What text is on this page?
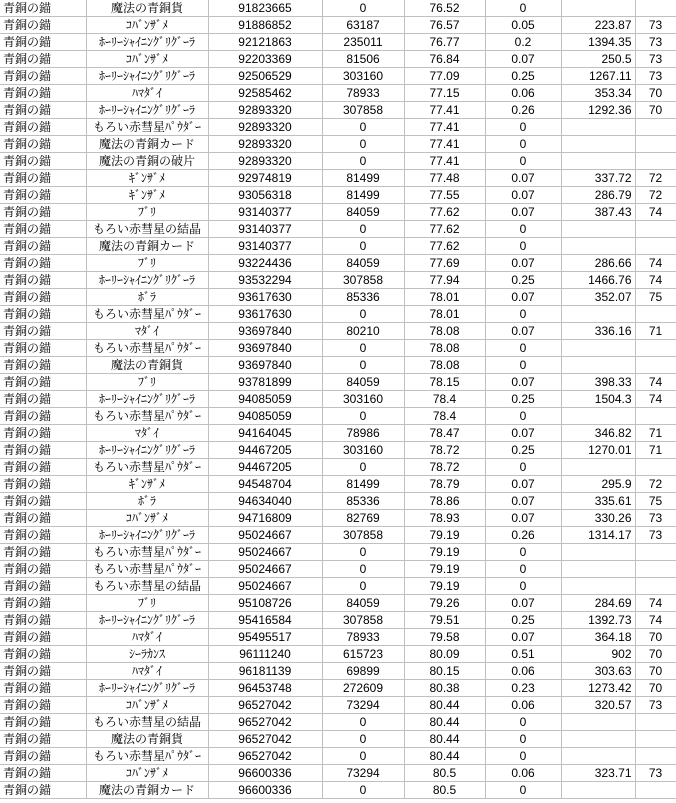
青銅の錨	魔法の青銅貨	91823665	0	76.52	0		
青銅の錨	ｺﾊﾞﾝｻﾞﾒ	91886852	63187	76.57	0.05	223.87	73
青銅の錨	ﾎｰﾘｰｼｬｲﾆﾝｸﾞﾘｸﾞｰﾗ	92121863	235011	76.77	0.2	1394.35	73
青銅の錨	ｺﾊﾞﾝｻﾞﾒ	92203369	81506	76.84	0.07	250.5	73
青銅の錨	ﾎｰﾘｰｼｬｲﾆﾝｸﾞﾘｸﾞｰﾗ	92506529	303160	77.09	0.25	1267.11	73
青銅の錨	ﾊﾏﾀﾞｲ	92585462	78933	77.15	0.06	353.34	70
青銅の錨	ﾎｰﾘｰｼｬｲﾆﾝｸﾞﾘｸﾞｰﾗ	92893320	307858	77.41	0.26	1292.36	70
青銅の錨	もろい赤彗星ﾊﾟｳﾀﾞｰ	92893320	0	77.41	0		
青銅の錨	魔法の青銅カード	92893320	0	77.41	0		
青銅の錨	魔法の青銅の破片	92893320	0	77.41	0		
青銅の錨	ｷﾞﾝｻﾞﾒ	92974819	81499	77.48	0.07	337.72	72
青銅の錨	ｷﾞﾝｻﾞﾒ	93056318	81499	77.55	0.07	286.79	72
青銅の錨	ﾌﾞﾘ	93140377	84059	77.62	0.07	387.43	74
青銅の錨	もろい赤彗星の結晶	93140377	0	77.62	0		
青銅の錨	魔法の青銅カード	93140377	0	77.62	0		
青銅の錨	ﾌﾞﾘ	93224436	84059	77.69	0.07	286.66	74
青銅の錨	ﾎｰﾘｰｼｬｲﾆﾝｸﾞﾘｸﾞｰﾗ	93532294	307858	77.94	0.25	1466.76	74
青銅の錨	ﾎﾞﾗ	93617630	85336	78.01	0.07	352.07	75
青銅の錨	もろい赤彗星ﾊﾟｳﾀﾞｰ	93617630	0	78.01	0		
青銅の錨	ﾏﾀﾞｲ	93697840	80210	78.08	0.07	336.16	71
青銅の錨	もろい赤彗星ﾊﾟｳﾀﾞｰ	93697840	0	78.08	0		
青銅の錨	魔法の青銅貨	93697840	0	78.08	0		
青銅の錨	ﾌﾞﾘ	93781899	84059	78.15	0.07	398.33	74
青銅の錨	ﾎｰﾘｰｼｬｲﾆﾝｸﾞﾘｸﾞｰﾗ	94085059	303160	78.4	0.25	1504.3	74
青銅の錨	もろい赤彗星ﾊﾟｳﾀﾞｰ	94085059	0	78.4	0		
青銅の錨	ﾏﾀﾞｲ	94164045	78986	78.47	0.07	346.82	71
青銅の錨	ﾎｰﾘｰｼｬｲﾆﾝｸﾞﾘｸﾞｰﾗ	94467205	303160	78.72	0.25	1270.01	71
青銅の錨	もろい赤彗星ﾊﾟｳﾀﾞｰ	94467205	0	78.72	0		
青銅の錨	ｷﾞﾝｻﾞﾒ	94548704	81499	78.79	0.07	295.9	72
青銅の錨	ﾎﾞﾗ	94634040	85336	78.86	0.07	335.61	75
青銅の錨	ｺﾊﾞﾝｻﾞﾒ	94716809	82769	78.93	0.07	330.26	73
青銅の錨	ﾎｰﾘｰｼｬｲﾆﾝｸﾞﾘｸﾞｰﾗ	95024667	307858	79.19	0.26	1314.17	73
青銅の錨	もろい赤彗星ﾊﾟｳﾀﾞｰ	95024667	0	79.19	0		
青銅の錨	もろい赤彗星ﾊﾟｳﾀﾞｰ	95024667	0	79.19	0		
青銅の錨	もろい赤彗星の結晶	95024667	0	79.19	0		
青銅の錨	ﾌﾞﾘ	95108726	84059	79.26	0.07	284.69	74
青銅の錨	ﾎｰﾘｰｼｬｲﾆﾝｸﾞﾘｸﾞｰﾗ	95416584	307858	79.51	0.25	1392.73	74
青銅の錨	ﾊﾏﾀﾞｲ	95495517	78933	79.58	0.07	364.18	70
青銅の錨	ｼｰﾗｶﾝｽ	96111240	615723	80.09	0.51	902	70
青銅の錨	ﾊﾏﾀﾞｲ	96181139	69899	80.15	0.06	303.63	70
青銅の錨	ﾎｰﾘｰｼｬｲﾆﾝｸﾞﾘｸﾞｰﾗ	96453748	272609	80.38	0.23	1273.42	70
青銅の錨	ｺﾊﾞﾝｻﾞﾒ	96527042	73294	80.44	0.06	320.57	73
青銅の錨	もろい赤彗星の結晶	96527042	0	80.44	0		
青銅の錨	魔法の青銅貨	96527042	0	80.44	0		
青銅の錨	もろい赤彗星ﾊﾟｳﾀﾞｰ	96527042	0	80.44	0		
青銅の錨	ｺﾊﾞﾝｻﾞﾒ	96600336	73294	80.5	0.06	323.71	73
青銅の錨	魔法の青銅カード	96600336	0	80.5	0		
